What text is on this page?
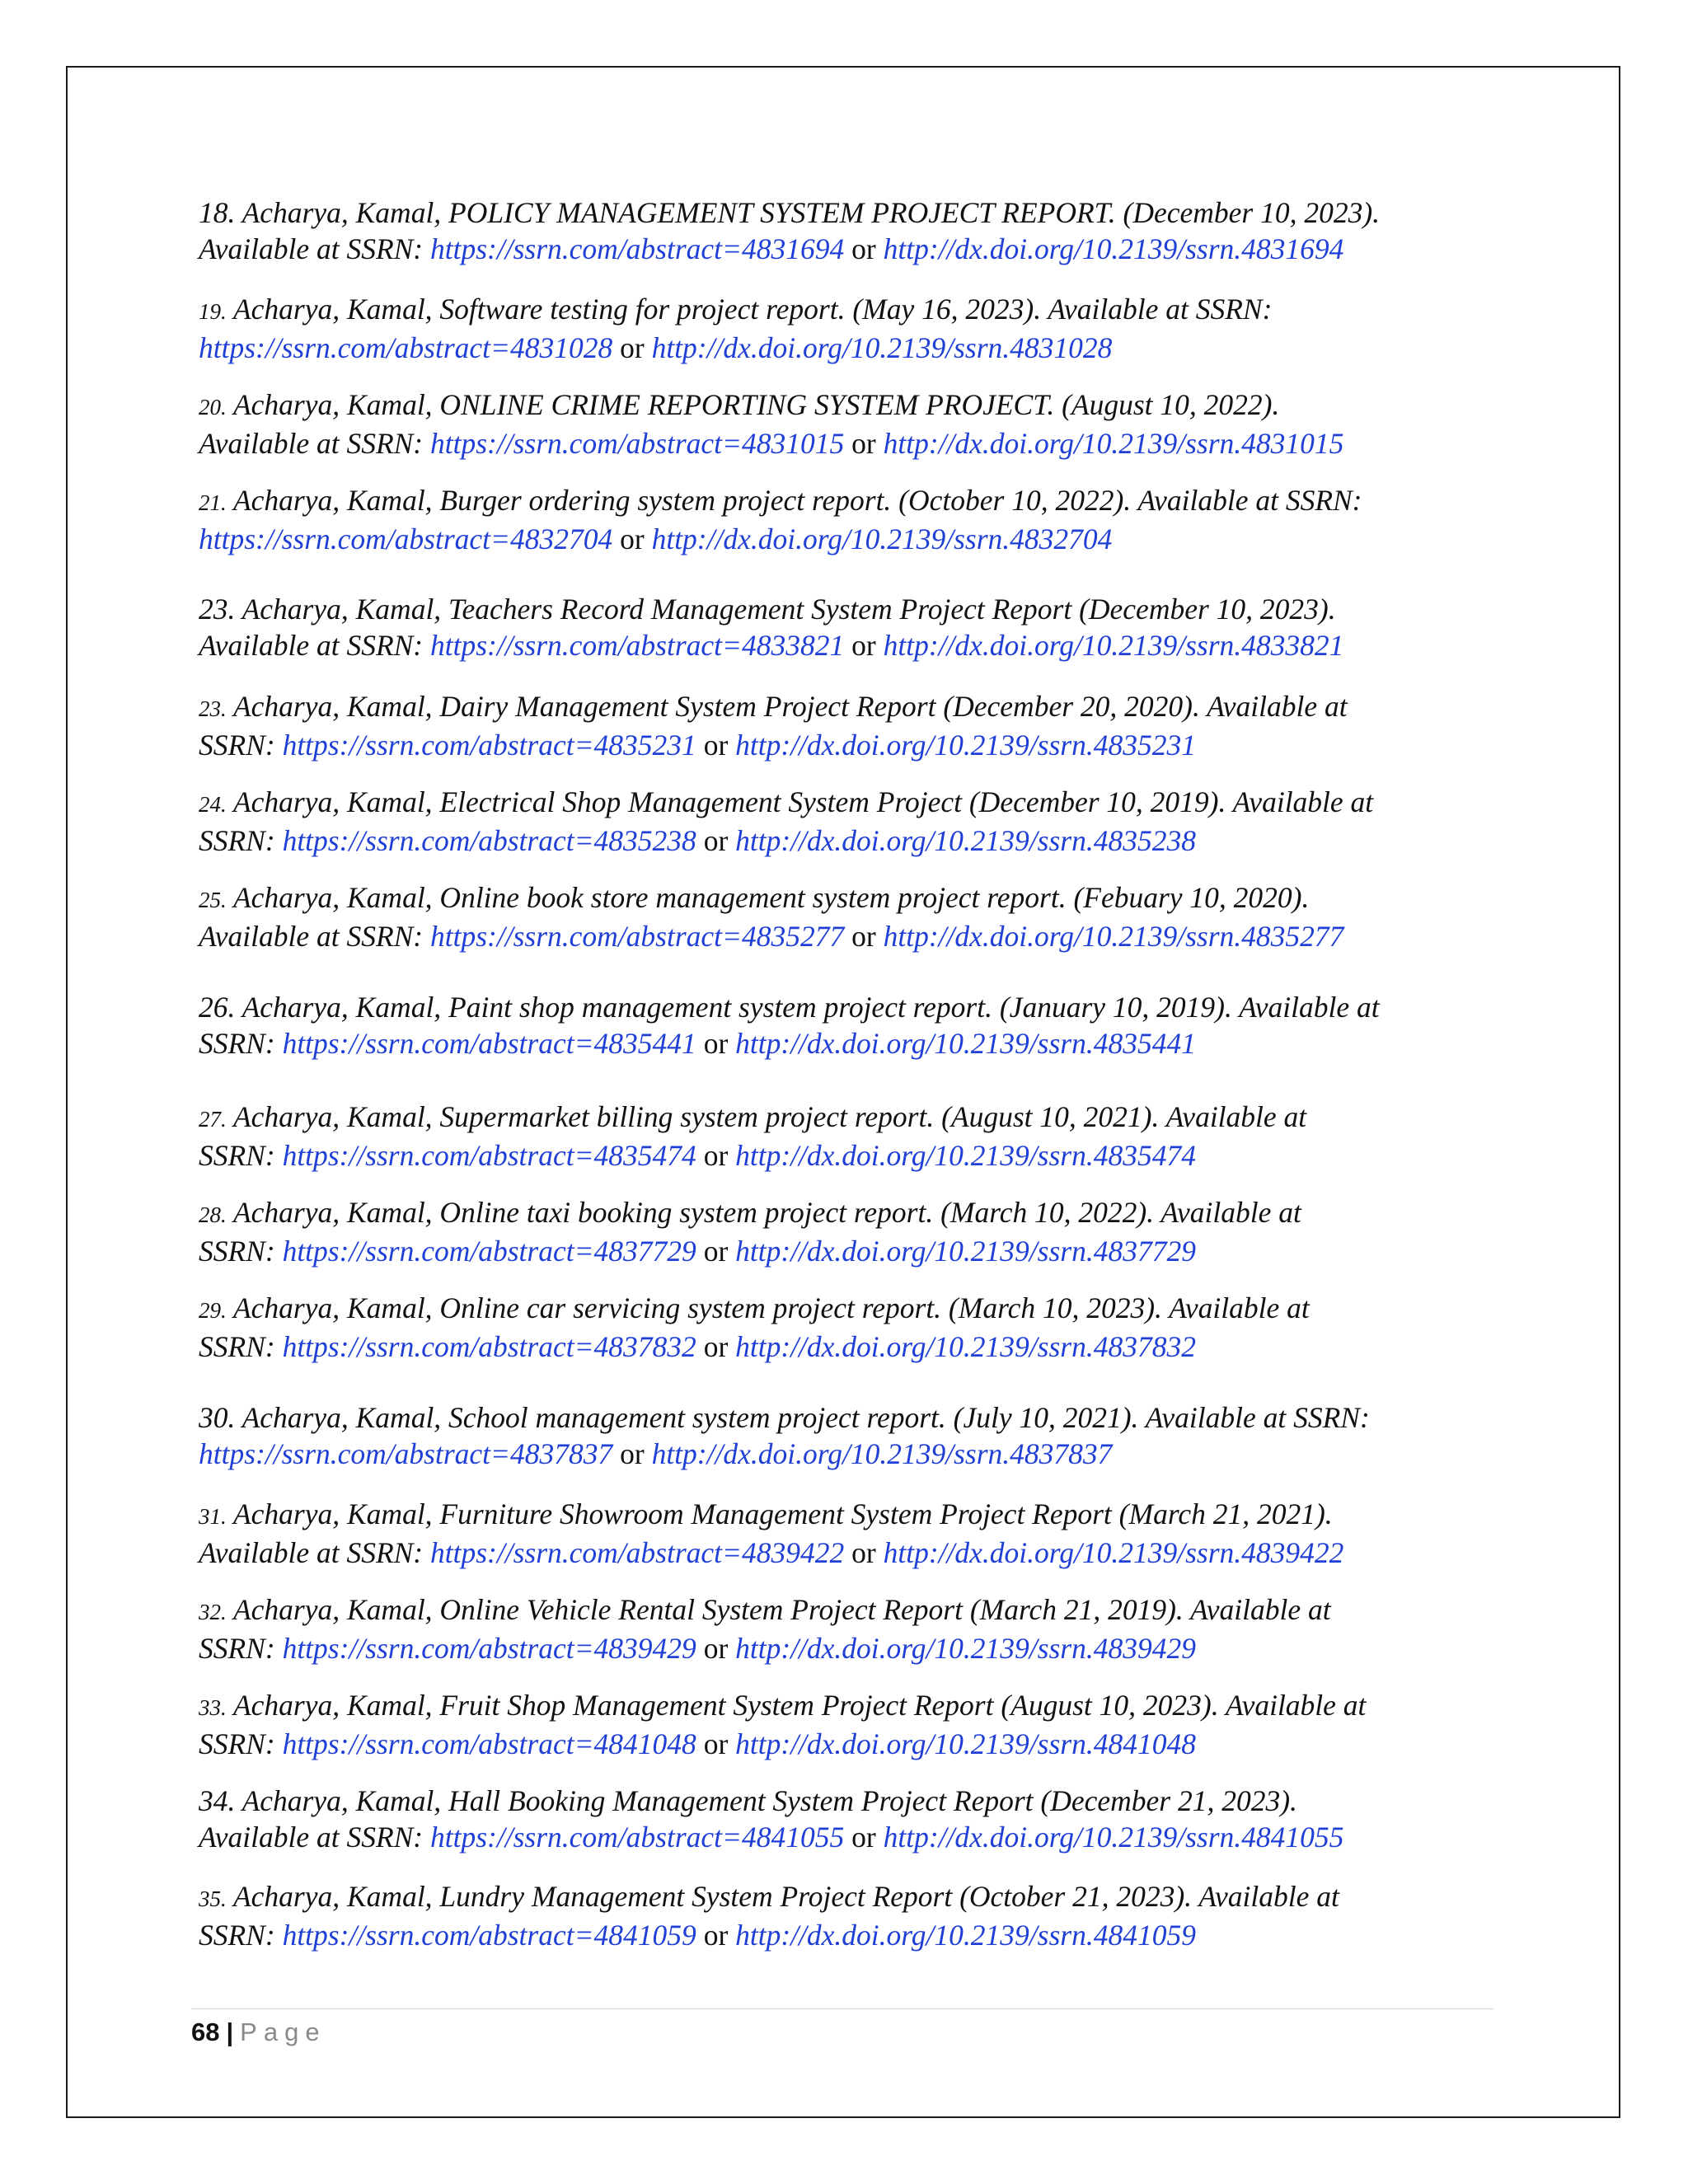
18. Acharya, Kamal, POLICY MANAGEMENT SYSTEM PROJECT REPORT. (December 10, 2023).
Available at SSRN: https://ssrn.com/abstract=4831694 or http://dx.doi.org/10.2139/ssrn.4831694
19. Acharya, Kamal, Software testing for project report. (May 16, 2023). Available at SSRN:
https://ssrn.com/abstract=4831028 or http://dx.doi.org/10.2139/ssrn.4831028
20. Acharya, Kamal, ONLINE CRIME REPORTING SYSTEM PROJECT. (August 10, 2022).
Available at SSRN: https://ssrn.com/abstract=4831015 or http://dx.doi.org/10.2139/ssrn.4831015
21. Acharya, Kamal, Burger ordering system project report. (October 10, 2022). Available at SSRN:
https://ssrn.com/abstract=4832704 or http://dx.doi.org/10.2139/ssrn.4832704
23. Acharya, Kamal, Teachers Record Management System Project Report (December 10, 2023).
Available at SSRN: https://ssrn.com/abstract=4833821 or http://dx.doi.org/10.2139/ssrn.4833821
23. Acharya, Kamal, Dairy Management System Project Report (December 20, 2020). Available at
SSRN: https://ssrn.com/abstract=4835231 or http://dx.doi.org/10.2139/ssrn.4835231
24. Acharya, Kamal, Electrical Shop Management System Project (December 10, 2019). Available at
SSRN: https://ssrn.com/abstract=4835238 or http://dx.doi.org/10.2139/ssrn.4835238
25. Acharya, Kamal, Online book store management system project report. (Febuary 10, 2020).
Available at SSRN: https://ssrn.com/abstract=4835277 or http://dx.doi.org/10.2139/ssrn.4835277
26. Acharya, Kamal, Paint shop management system project report. (January 10, 2019). Available at
SSRN: https://ssrn.com/abstract=4835441 or http://dx.doi.org/10.2139/ssrn.4835441
27. Acharya, Kamal, Supermarket billing system project report. (August 10, 2021). Available at
SSRN: https://ssrn.com/abstract=4835474 or http://dx.doi.org/10.2139/ssrn.4835474
28. Acharya, Kamal, Online taxi booking system project report. (March 10, 2022). Available at
SSRN: https://ssrn.com/abstract=4837729 or http://dx.doi.org/10.2139/ssrn.4837729
29. Acharya, Kamal, Online car servicing system project report. (March 10, 2023). Available at
SSRN: https://ssrn.com/abstract=4837832 or http://dx.doi.org/10.2139/ssrn.4837832
30. Acharya, Kamal, School management system project report. (July 10, 2021). Available at SSRN:
https://ssrn.com/abstract=4837837 or http://dx.doi.org/10.2139/ssrn.4837837
31. Acharya, Kamal, Furniture Showroom Management System Project Report (March 21, 2021).
Available at SSRN: https://ssrn.com/abstract=4839422 or http://dx.doi.org/10.2139/ssrn.4839422
32. Acharya, Kamal, Online Vehicle Rental System Project Report (March 21, 2019). Available at
SSRN: https://ssrn.com/abstract=4839429 or http://dx.doi.org/10.2139/ssrn.4839429
33. Acharya, Kamal, Fruit Shop Management System Project Report (August 10, 2023). Available at
SSRN: https://ssrn.com/abstract=4841048 or http://dx.doi.org/10.2139/ssrn.4841048
34. Acharya, Kamal, Hall Booking Management System Project Report (December 21, 2023).
Available at SSRN: https://ssrn.com/abstract=4841055 or http://dx.doi.org/10.2139/ssrn.4841055
35. Acharya, Kamal, Lundry Management System Project Report (October 21, 2023). Available at
SSRN: https://ssrn.com/abstract=4841059 or http://dx.doi.org/10.2139/ssrn.4841059
68 | Page
